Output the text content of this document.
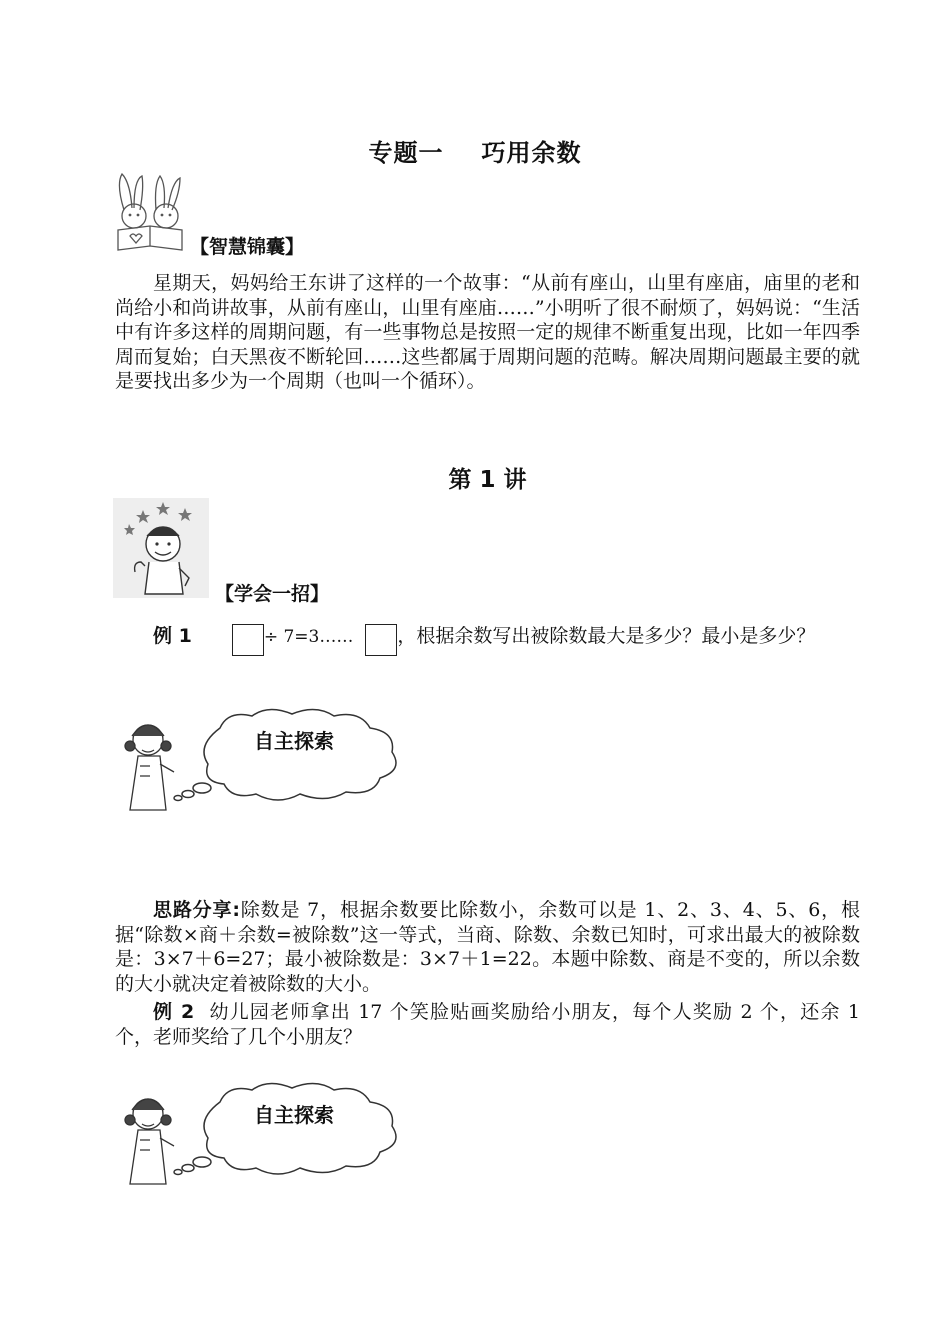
专题一 巧用余数
【智慧锦囊】

星期天，妈妈给王东讲了这样的一个故事：“从前有座山，山里有座庙，庙里的老和尚给小和尚讲故事，从前有座山，山里有座庙……”小明听了很不耐烦了，妈妈说：“生活中有许多这样的周期问题，有一些事物总是按照一定的规律不断重复出现，比如一年四季周而复始；白天黑夜不断轮回……这些都属于周期问题的范畴。解决周期问题最主要的就是要找出多少为一个周期（也叫一个循环）。

第 1 讲
【学会一招】

例 1	÷ 7=3…… ，根据余数写出被除数最大是多少？最小是多少？

自主探索

思路分享:除数是 7，根据余数要比除数小，余数可以是 1、2、3、4、5、6，根据“除数×商＋余数=被除数”这一等式，当商、除数、余数已知时，可求出最大的被除数是：3×7＋6=27；最小被除数是：3×7＋1=22。本题中除数、商是不变的，所以余数的大小就决定着被除数的大小。

例 2 幼儿园老师拿出 17 个笑脸贴画奖励给小朋友，每个人奖励 2 个，还余 1 个，老师奖给了几个小朋友？

自主探索
